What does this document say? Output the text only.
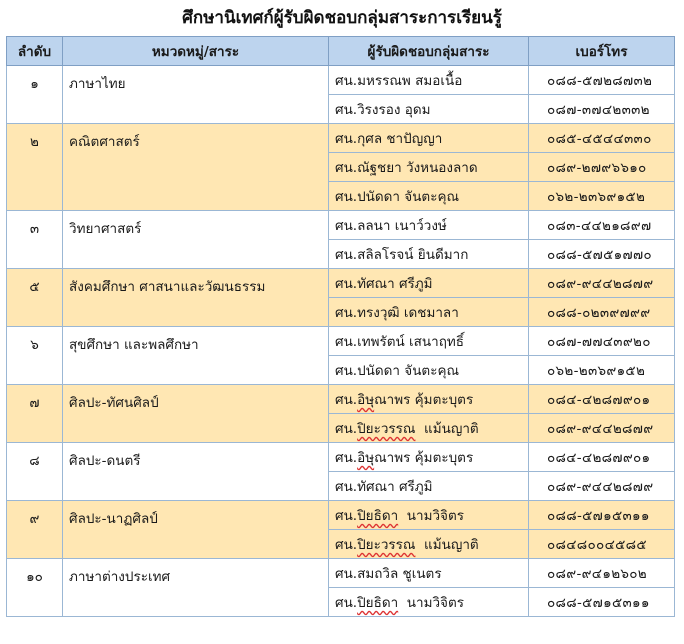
ศึกษานิเทศก์ผู้รับผิดชอบกลุ่มสาระการเรียนรู้
ลำดับ	หมวดหมู่/สาระ	ผู้รับผิดชอบกลุ่มสาระ	เบอร์โทร
๑	ภาษาไทย	ศน.มหรรณพ สมอเนื้อ	๐๘๘-๕๗๒๘๗๓๒
		ศน.วิรงรอง อุดม	๐๘๗-๓๗๔๒๓๓๒
๒	คณิตศาสตร์	ศน.กุศล ชาปัญญา	๐๘๕-๔๕๔๔๓๓๐
		ศน.ณัฐชยา วังหนองลาด	๐๘๙-๒๗๙๖๖๑๐
		ศน.ปนัดดา จันตะคุณ	๐๖๒-๒๓๖๙๑๕๒
๓	วิทยาศาสตร์	ศน.ลลนา เนาว์วงษ์	๐๘๓-๔๔๒๑๘๙๗
		ศน.สลิลโรจน์ ยินดีมาก	๐๘๘-๕๗๕๑๗๗๐
๕	สังคมศึกษา ศาสนาและวัฒนธรรม	ศน.ทัศณา ศรีภูมิ	๐๘๙-๙๔๔๒๘๗๙
		ศน.ทรงวุฒิ เดชมาลา	๐๘๘-๐๒๓๙๗๙๙
๖	สุขศึกษา และพลศึกษา	ศน.เทพรัตน์ เสนาฤทธิ์	๐๘๗-๗๗๔๓๙๒๐
		ศน.ปนัดดา จันตะคุณ	๐๖๒-๒๓๖๙๑๕๒
๗	ศิลปะ-ทัศนศิลป์	ศน.อิษุณาพร คุ้มตะบุตร	๐๘๔-๔๒๘๗๙๐๑
		ศน.ปิยะวรรณ  แม้นญาติ	๐๘๙-๙๔๔๒๘๗๙
๘	ศิลปะ-ดนตรี	ศน.อิษุณาพร คุ้มตะบุตร	๐๘๔-๔๒๘๗๙๐๑
		ศน.ทัศณา ศรีภูมิ	๐๘๙-๙๔๔๒๘๗๙
๙	ศิลปะ-นาฏศิลป์	ศน.ปิยธิดา  นามวิจิตร	๐๘๘-๕๗๑๕๓๑๑
		ศน.ปิยะวรรณ  แม้นญาติ	๐๘๔๘๐๐๔๕๘๕
๑๐	ภาษาต่างประเทศ	ศน.สมถวิล ชูเนตร	๐๘๙-๙๔๑๒๖๐๒
		ศน.ปิยธิดา  นามวิจิตร	๐๘๘-๕๗๑๕๓๑๑
